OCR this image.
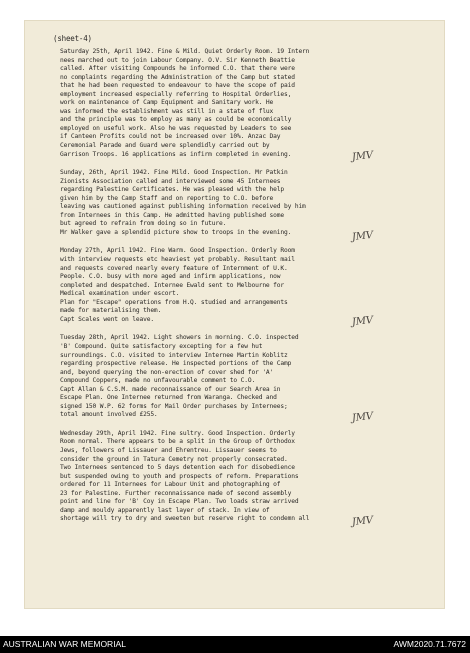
(sheet-4)
Saturday 25th, April 1942. Fine & Mild. Quiet Orderly Room. 19 Intern
nees marched out to join Labour Company. O.V. Sir Kenneth Beattie
called. After visiting Compounds he informed C.O. that there were
no complaints regarding the Administration of the Camp but stated
that he had been requested to endeavour to have the scope of paid
employment increased especially referring to Hospital Orderlies,
work on maintenance of Camp Equipment and Sanitary work. He
was informed the establishment was still in a state of flux
and the principle was to employ as many as could be economically
employed on useful work. Also he was requested by Leaders to see
if Canteen Profits could not be increased over 10%. Anzac Day
Ceremonial Parade and Guard were splendidly carried out by
Garrison Troops. 16 applications as infirm completed in evening.	JMV
Sunday, 26th, April 1942. Fine Mild. Good Inspection. Mr Patkin
Zionists Association called and interviewed some 45 Internees
regarding Palestine Certificates. He was pleased with the help
given him by the Camp Staff and on reporting to C.O. before
leaving was cautioned against publishing information received by him
from Internees in this Camp. He admitted having published some
but agreed to refrain from doing so in future.
Mr Walker gave a splendid picture show to troops in the evening.	JMV
Monday 27th, April 1942. Fine Warm. Good Inspection. Orderly Room
with interview requests etc heaviest yet probably. Resultant mail
and requests covered nearly every feature of Internment of U.K.
People. C.O. busy with more aged and infirm applications, now
completed and despatched. Internee Ewald sent to Melbourne for
Medical examination under escort.
Plan for "Escape" operations from H.Q. studied and arrangements
made for materialising them.
Capt Scales went on leave.	JMV
Tuesday 28th, April 1942. Light showers in morning. C.O. inspected
'B' Compound. Quite satisfactory excepting for a few hut
surroundings. C.O. visited to interview Internee Martin Koblitz
regarding prospective release. He inspected portions of the Camp
and, beyond querying the non-erection of cover shed for 'A'
Compound Coppers, made no unfavourable comment to C.O.
Capt Allan & C.S.M. made reconnaissance of our Search Area in
Escape Plan. One Internee returned from Waranga. Checked and
signed 150 W.P. 62 forms for Mail Order purchases by Internees;
total amount involved £255.	JMV
Wednesday 29th, April 1942. Fine sultry. Good Inspection. Orderly
Room normal. There appears to be a split in the Group of Orthodox
Jews, followers of Lissauer and Ehrentreu. Lissauer seems to
consider the ground in Tatura Cemetry not properly consecrated.
Two Internees sentenced to 5 days detention each for disobedience
but suspended owing to youth and prospects of reform. Preparations
ordered for 11 Internees for Labour Unit and photographing of
23 for Palestine. Further reconnaissance made of second assembly
point and line for 'B' Coy in Escape Plan. Two loads straw arrived
damp and mouldy apparently last layer of stack. In view of
shortage will try to dry and sweeten but reserve right to condemn all	JMV
AUSTRALIAN WAR MEMORIAL	AWM2020.71.7672
